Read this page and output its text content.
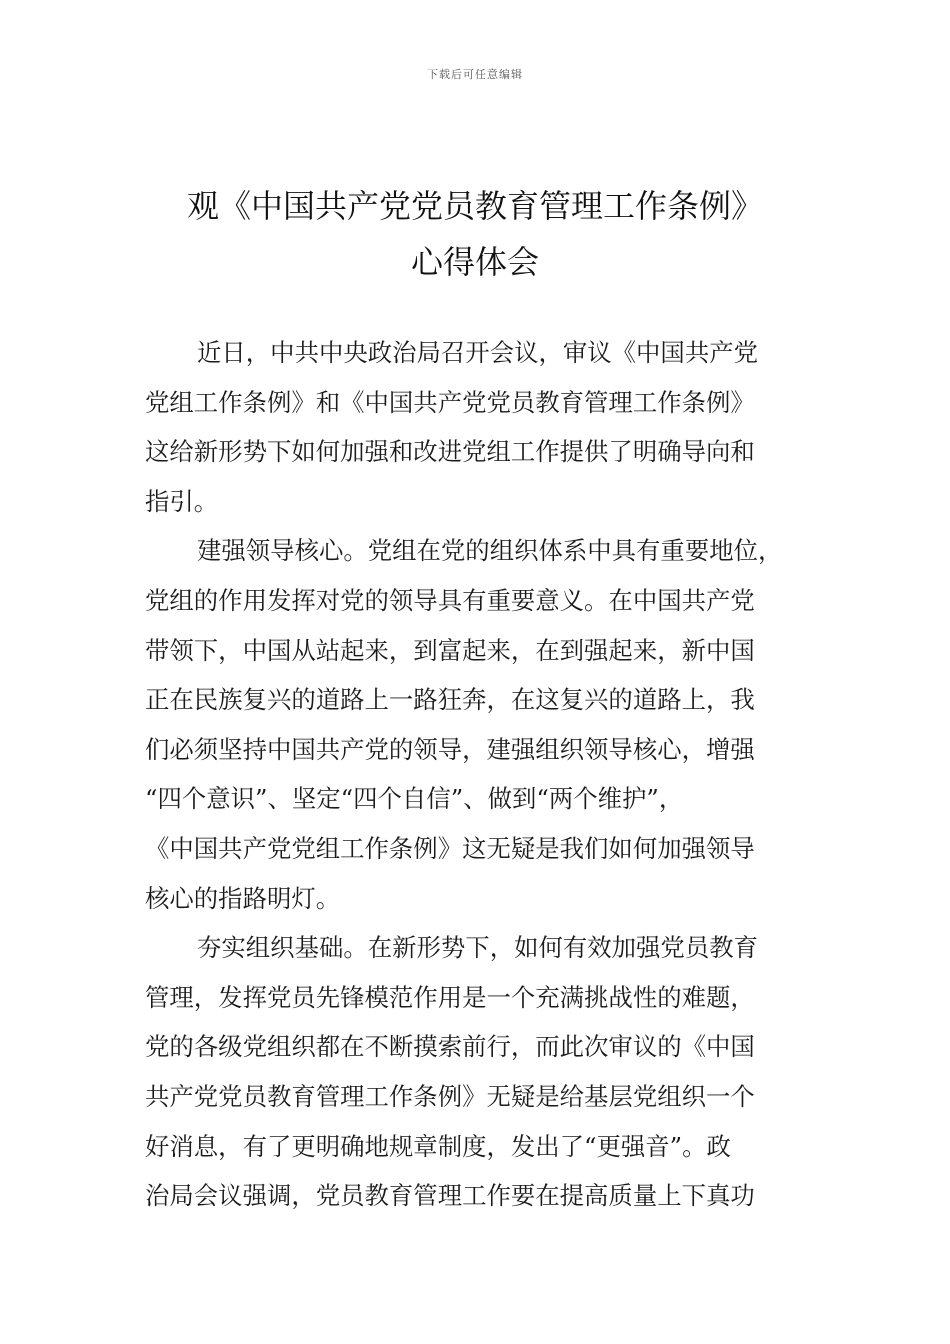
下载后可任意编辑
观《中国共产党党员教育管理工作条例》
心得体会
近日，中共中央政治局召开会议，审议《中国共产党
党组工作条例》和《中国共产党党员教育管理工作条例》
这给新形势下如何加强和改进党组工作提供了明确导向和
指引。
建强领导核心。党组在党的组织体系中具有重要地位，
党组的作用发挥对党的领导具有重要意义。在中国共产党
带领下，中国从站起来，到富起来，在到强起来，新中国
正在民族复兴的道路上一路狂奔，在这复兴的道路上，我
们必须坚持中国共产党的领导，建强组织领导核心，增强
“四个意识”、坚定“四个自信”、做到“两个维护”，
《中国共产党党组工作条例》这无疑是我们如何加强领导
核心的指路明灯。
夯实组织基础。在新形势下，如何有效加强党员教育
管理，发挥党员先锋模范作用是一个充满挑战性的难题，
党的各级党组织都在不断摸索前行，而此次审议的《中国
共产党党员教育管理工作条例》无疑是给基层党组织一个
好消息，有了更明确地规章制度，发出了“更强音”。政
治局会议强调，党员教育管理工作要在提高质量上下真功
